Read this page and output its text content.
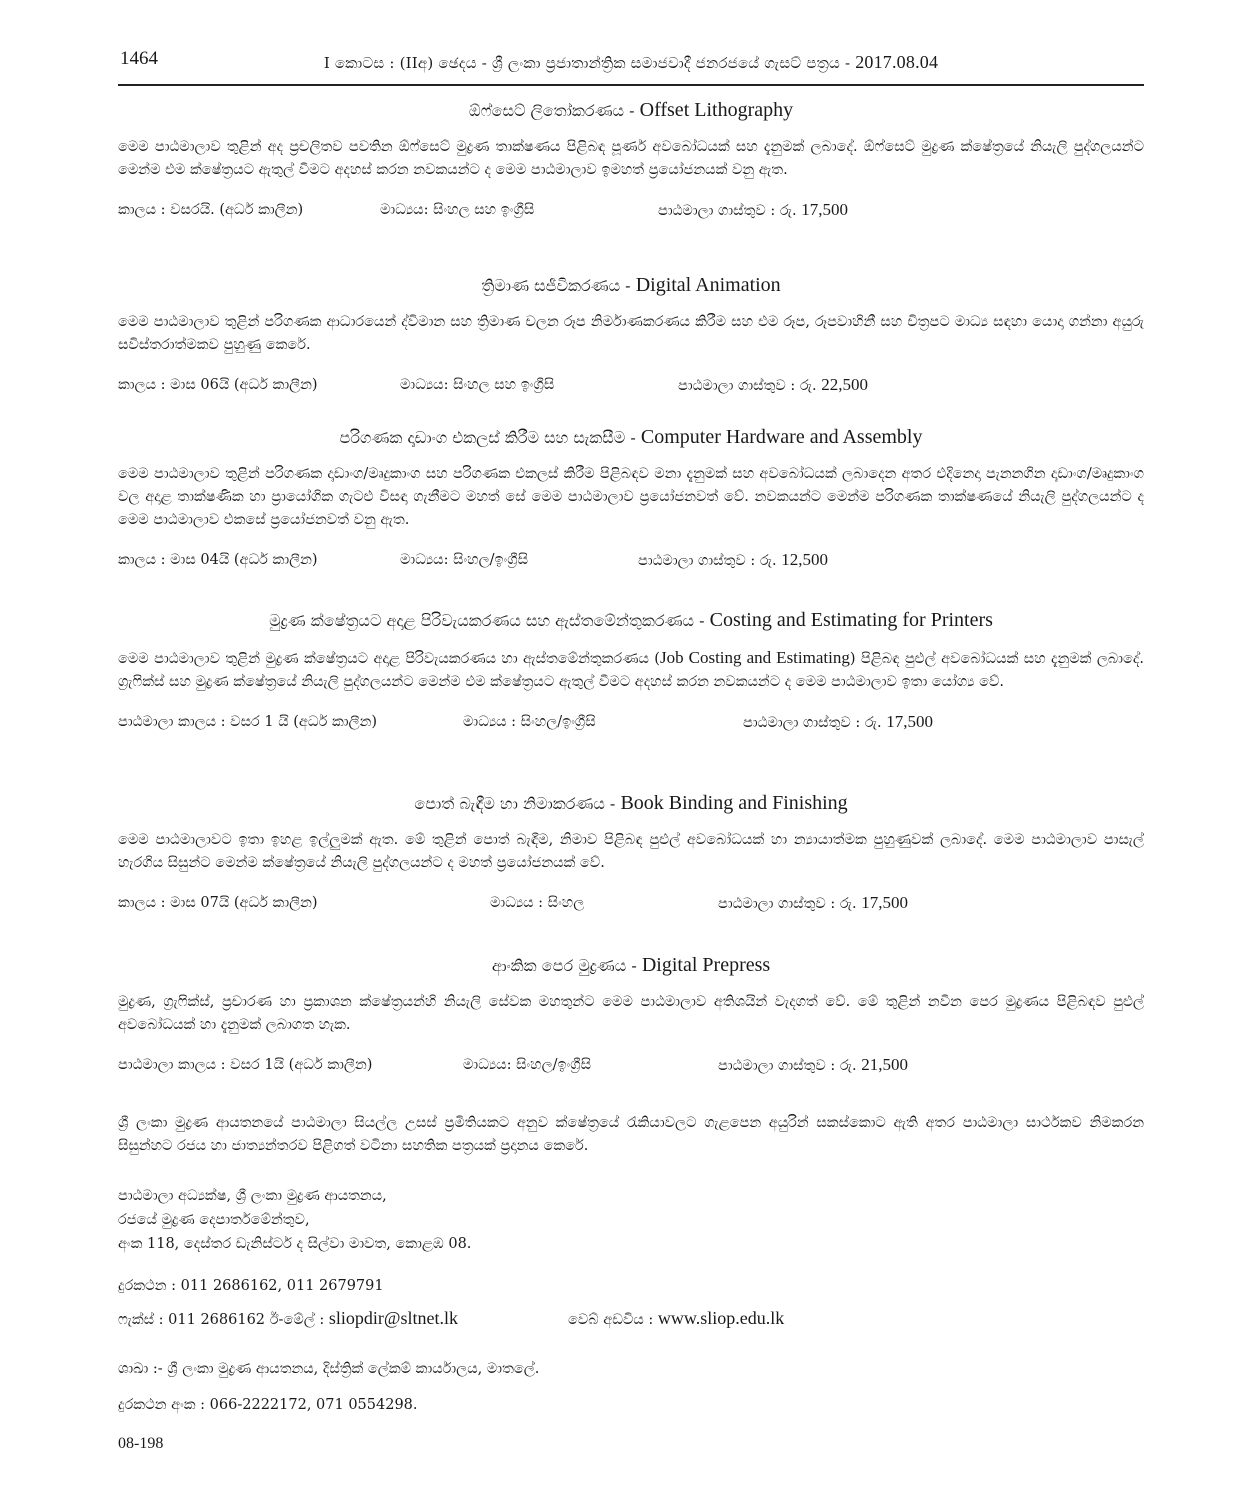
1464	I කොටස : (IIඅ) ඡෙදය - ශ්‍රී ලංකා ප්‍රජාතාන්ත්‍රික සමාජවාදී ජනරජයේ ගැසට් පත්‍රය - 2017.08.04
ඕෆ්සෙට් ලිතෝකරණය - Offset Lithography
මෙම පාඨමාලාව තුළින් අද ප්‍රචලිතව පවතින ඕෆ්සෙට් මුද්‍රණ තාක්ෂණය පිළිබඳ පූර්ණ අවබෝධයක් සහ දැනුමක් ලබාදේ. ඕෆ්සෙට් මුද්‍රණ ක්ෂේත්‍රයේ නියැලි පුද්ගලයන්ට මෙන්ම එම ක්ෂේත්‍රයට ඇතුල් වීමට අදහස් කරන නවකයන්ට ද මෙම පාඨමාලාව ඉමහත් ප්‍රයෝජනයක් වනු ඇත.
කාලය : වසරයි. (අර්ධ කාලීන)	මාධ්‍යය: සිංහල සහ ඉංග්‍රීසි	පාඨමාලා ගාස්තුව : රු. 17,500
ත්‍රිමාණ සජීවිකරණය - Digital Animation
මෙම පාඨමාලාව තුළින් පරිගණක ආධාරයෙන් ද්විමාන සහ ත්‍රිමාණ චලන රූප නිර්මාණකරණය කිරීම සහ එම රූප, රූපවාහිනී සහ චිත්‍රපට මාධ්‍ය සඳහා යොදා ගන්නා අයුරු සවිස්තරාත්මකව පුහුණු කෙරේ.
කාලය : මාස 06යි (අර්ධ කාලීන)	මාධ්‍යය: සිංහල සහ ඉංග්‍රීසි	පාඨමාලා ගාස්තුව : රු. 22,500
පරිගණක දෘඩාංග එකලස් කිරීම සහ සැකසීම - Computer Hardware and Assembly
මෙම පාඨමාලාව තුළින් පරිගණක දෘඩාංග/මෘදුකාංග සහ පරිගණක එකලස් කිරීම පිළිබඳව මනා දැනුමක් සහ අවබෝධයක් ලබාදෙන අතර එදිනෙදා පැනනගින දෘඩාංග/මෘදුකාංග වල අදාළ තාක්ෂණික හා ප්‍රායෝගික ගැටළු විසඳා ගැනීමට මහත් සේ මෙම පාඨමාලාව ප්‍රයෝජනවත් වේ. නවකයන්ට මෙන්ම පරිගණක තාක්ෂණයේ නියැලි පුද්ගලයන්ට ද මෙම පාඨමාලාව එකසේ ප්‍රයෝජනවත් වනු ඇත.
කාලය : මාස 04යි (අර්ධ කාලීන)	මාධ්‍යය: සිංහල/ඉංග්‍රීසි	පාඨමාලා ගාස්තුව : රු. 12,500
මුද්‍රණ ක්ෂේත්‍රයට අදාළ පිරිවැයකරණය සහ ඇස්තමේන්තුකරණය - Costing and Estimating for Printers
මෙම පාඨමාලාව තුළින් මුද්‍රණ ක්ෂේත්‍රයට අදාළ පිරිවැයකරණය හා ඇස්තමේන්තුකරණය (Job Costing and Estimating) පිළිබඳ පුළුල් අවබෝධයක් සහ දැනුමක් ලබාදේ. ග්‍රැෆික්ස් සහ මුද්‍රණ ක්ෂේත්‍රයේ නියැලි පුද්ගලයන්ට මෙන්ම එම ක්ෂේත්‍රයට ඇතුල් වීමට අදහස් කරන නවකයන්ට ද මෙම පාඨමාලාව ඉතා යෝග්‍ය වේ.
පාඨමාලා කාලය : වසර 1 යි (අර්ධ කාලීන)	මාධ්‍යය : සිංහල/ඉංග්‍රීසි	පාඨමාලා ගාස්තුව : රු. 17,500
පොත් බැඳීම හා නිමාකරණය - Book Binding and Finishing
මෙම පාඨමාලාවට ඉතා ඉහළ ඉල්ලුමක් ඇත. මේ තුළින් පොත් බැඳීම, නිමාව පිළිබඳ පුළුල් අවබෝධයක් හා න්‍යායාත්මක පුහුණුවක් ලබාදේ. මෙම පාඨමාලාව පාසැල් හැරගිය සිසුන්ට මෙන්ම ක්ෂේත්‍රයේ නියැලි පුද්ගලයන්ට ද මහත් ප්‍රයෝජනයක් වේ.
කාලය : මාස 07යි (අර්ධ කාලීන)	මාධ්‍යය : සිංහල	පාඨමාලා ගාස්තුව : රු. 17,500
ආංකික පෙර මුද්‍රණය - Digital Prepress
මුද්‍රණ, ග්‍රැෆික්ස්, ප්‍රචාරණ හා ප්‍රකාශන ක්ෂේත්‍රයන්හි නියැලි සේවක මහතුන්ට මෙම පාඨමාලාව අතිශයින් වැදගත් වේ. මේ තුළින් නවීන පෙර මුද්‍රණය පිළිබඳව පුළුල් අවබෝධයක් හා දැනුමක් ලබාගත හැක.
පාඨමාලා කාලය : වසර 1යි (අර්ධ කාලීන)	මාධ්‍යය: සිංහල/ඉංග්‍රීසි	පාඨමාලා ගාස්තුව : රු. 21,500
ශ්‍රී ලංකා මුද්‍රණ ආයතනයේ පාඨමාලා සියල්ල උසස් ප්‍රමිතියකට අනුව ක්ෂේත්‍රයේ රැකියාවලට ගැළපෙන අයුරින් සකස්කොට ඇති අතර පාඨමාලා සාර්ථකව නිමකරන සිසුන්හට රජය හා ජාත්‍යන්තරව පිළිගත් වටිනා සහතික පත්‍රයක් ප්‍රදානය කෙරේ.
පාඨමාලා අධ්‍යක්ෂ, ශ්‍රී ලංකා මුද්‍රණ ආයතනය,
රජයේ මුද්‍රණ දෙපාර්තමේන්තුව,
අංක 118, දෙස්තර ඩැනිස්ටර් ද සිල්වා මාවත, කොළඹ 08.
දුරකථන : 011 2686162, 011 2679791
ෆැක්ස් : 011 2686162 ඊ-මේල් : sliopdir@sltnet.lk	වෙබ් අඩවිය : www.sliop.edu.lk
ශාඛා :- ශ්‍රී ලංකා මුද්‍රණ ආයතනය, දිස්ත්‍රික් ලේකම් කාර්යාලය, මාතලේ.
දුරකථන අංක : 066-2222172, 071 0554298.
08-198
